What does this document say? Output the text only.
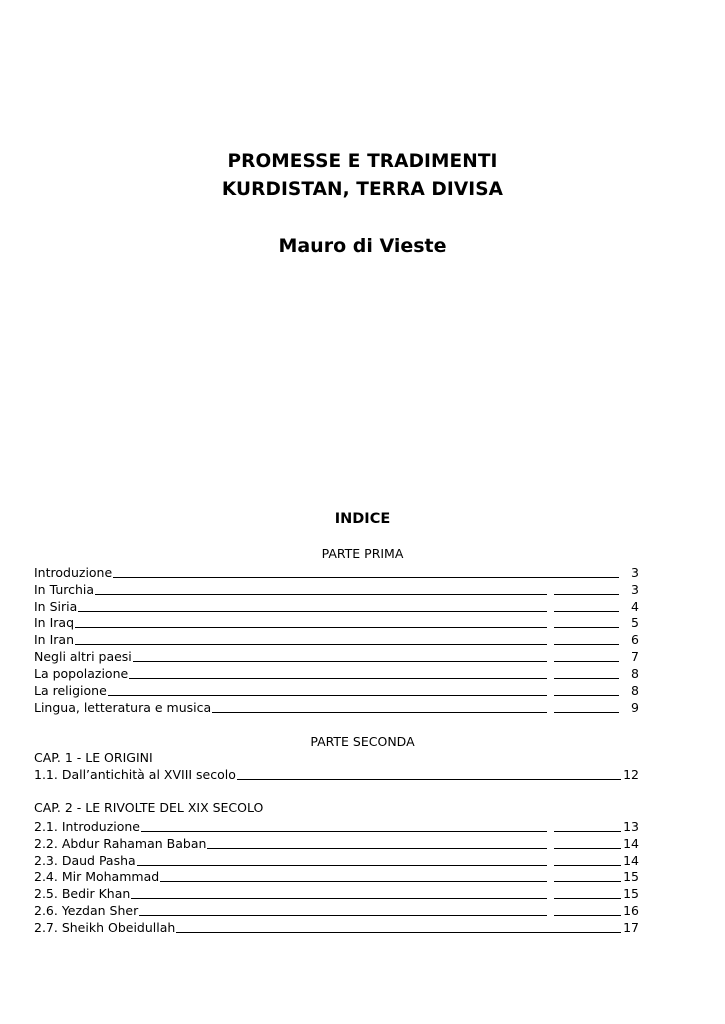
PROMESSE E TRADIMENTI
KURDISTAN, TERRA DIVISA
Mauro di Vieste
INDICE
PARTE PRIMA
Introduzione	3
In Turchia	3
In Siria	4
In Iraq	5
In Iran	6
Negli altri paesi	7
La popolazione	8
La religione	8
Lingua, letteratura e musica	9
PARTE SECONDA
CAP. 1 - LE ORIGINI
1.1. Dall’antichità al XVIII secolo	12
CAP. 2 - LE RIVOLTE DEL XIX SECOLO
2.1. Introduzione	13
2.2. Abdur Rahaman Baban	14
2.3. Daud Pasha	14
2.4. Mir Mohammad	15
2.5. Bedir Khan	15
2.6. Yezdan Sher	16
2.7. Sheikh Obeidullah	17
